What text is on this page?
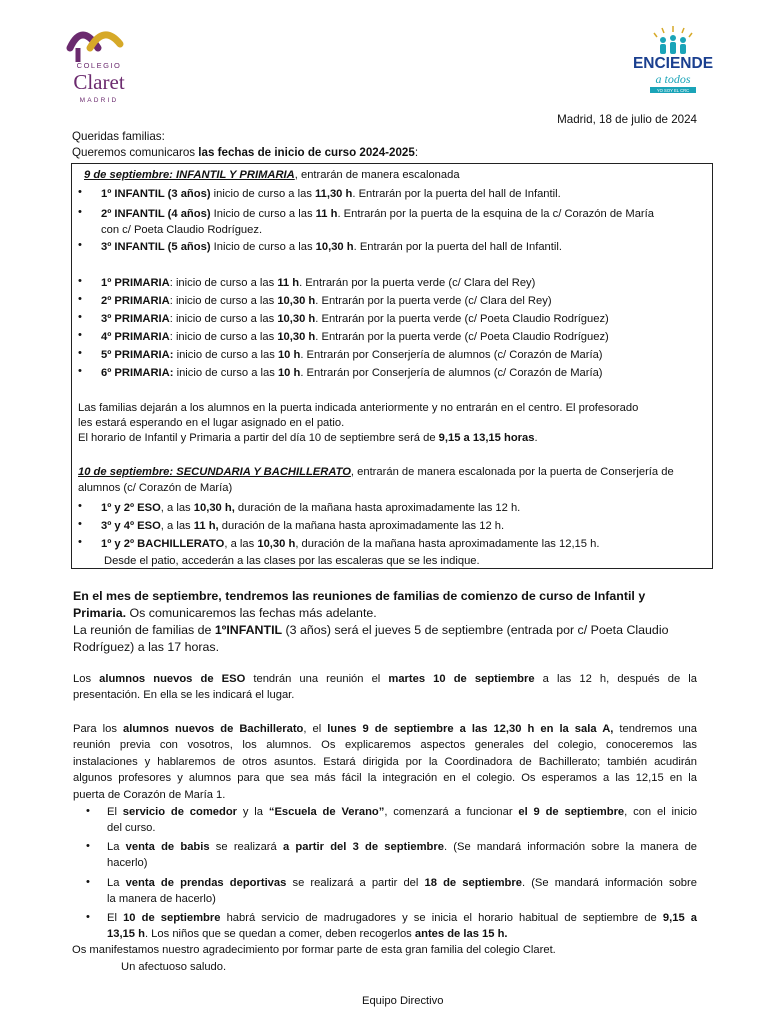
COLEGIO
Claret
MADRID
ENCIENDE
a todos
YO SOY EL CRC
Madrid, 18 de julio de 2024
Queridas familias:
Queremos comunicaros las fechas de inicio de curso 2024-2025:
9 de septiembre: INFANTIL Y PRIMARIA, entrarán de manera escalonada
• 1º INFANTIL (3 años) inicio de curso a las 11,30 h. Entrarán por la puerta del hall de Infantil.
• 2º INFANTIL (4 años) Inicio de curso a las 11 h. Entrarán por la puerta de la esquina de la c/ Corazón de María
con c/ Poeta Claudio Rodríguez.
• 3º INFANTIL (5 años) Inicio de curso a las 10,30 h. Entrarán por la puerta del hall de Infantil.
• 1º PRIMARIA: inicio de curso a las 11 h. Entrarán por la puerta verde (c/ Clara del Rey)
• 2º PRIMARIA: inicio de curso a las 10,30 h. Entrarán por la puerta verde (c/ Clara del Rey)
• 3º PRIMARIA: inicio de curso a las 10,30 h. Entrarán por la puerta verde (c/ Poeta Claudio Rodríguez)
• 4º PRIMARIA: inicio de curso a las 10,30 h. Entrarán por la puerta verde (c/ Poeta Claudio Rodríguez)
• 5º PRIMARIA: inicio de curso a las 10 h. Entrarán por Conserjería de alumnos (c/ Corazón de María)
• 6º PRIMARIA: inicio de curso a las 10 h. Entrarán por Conserjería de alumnos (c/ Corazón de María)
Las familias dejarán a los alumnos en la puerta indicada anteriormente y no entrarán en el centro. El profesorado
les estará esperando en el lugar asignado en el patio.
El horario de Infantil y Primaria a partir del día 10 de septiembre será de 9,15 a 13,15 horas.
10 de septiembre: SECUNDARIA Y BACHILLERATO, entrarán de manera escalonada por la puerta de Conserjería de
alumnos (c/ Corazón de María)
• 1º y 2º ESO, a las 10,30 h, duración de la mañana hasta aproximadamente las 12 h.
• 3º y 4º ESO, a las 11 h, duración de la mañana hasta aproximadamente las 12 h.
• 1º y 2º BACHILLERATO, a las 10,30 h, duración de la mañana hasta aproximadamente las 12,15 h.
Desde el patio, accederán a las clases por las escaleras que se les indique.
En el mes de septiembre, tendremos las reuniones de familias de comienzo de curso de Infantil y
Primaria. Os comunicaremos las fechas más adelante.
La reunión de familias de 1ºINFANTIL (3 años) será el jueves 5 de septiembre (entrada por c/ Poeta Claudio
Rodríguez) a las 17 horas.
Los alumnos nuevos de ESO tendrán una reunión el martes 10 de septiembre a las 12 h, después de la
presentación. En ella se les indicará el lugar.
Para los alumnos nuevos de Bachillerato, el lunes 9 de septiembre a las 12,30 h en la sala A, tendremos una
reunión previa con vosotros, los alumnos. Os explicaremos aspectos generales del colegio, conoceremos las
instalaciones y hablaremos de otros asuntos. Estará dirigida por la Coordinadora de Bachillerato; también acudirán
algunos profesores y alumnos para que sea más fácil la integración en el colegio. Os esperamos a las 12,15 en la
puerta de Corazón de María 1.
• El servicio de comedor y la “Escuela de Verano”, comenzará a funcionar el 9 de septiembre, con el inicio
del curso.
• La venta de babis se realizará a partir del 3 de septiembre. (Se mandará información sobre la manera de
hacerlo)
• La venta de prendas deportivas se realizará a partir del 18 de septiembre. (Se mandará información sobre
la manera de hacerlo)
• El 10 de septiembre habrá servicio de madrugadores y se inicia el horario habitual de septiembre de 9,15 a
13,15 h. Los niños que se quedan a comer, deben recogerlos antes de las 15 h.
Os manifestamos nuestro agradecimiento por formar parte de esta gran familia del colegio Claret.
Un afectuoso saludo.
Equipo Directivo
